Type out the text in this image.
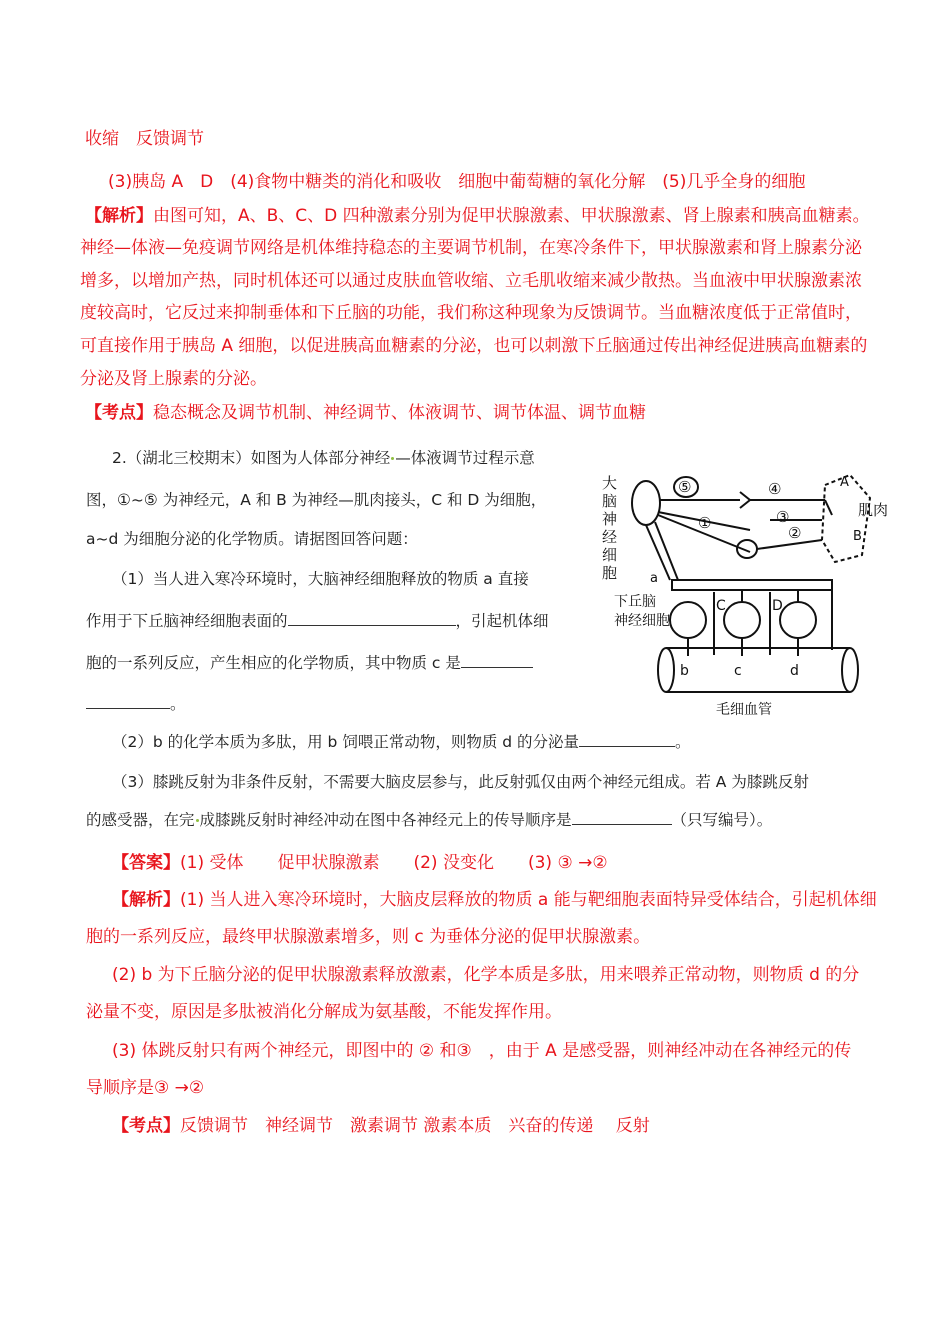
收缩　反馈调节
(3)胰岛 A　D　(4)食物中糖类的消化和吸收　细胞中葡萄糖的氧化分解　(5)几乎全身的细胞
【解析】由图可知，A、B、C、D 四种激素分别为促甲状腺激素、甲状腺激素、肾上腺素和胰高血糖素。
神经—体液—免疫调节网络是机体维持稳态的主要调节机制，在寒冷条件下，甲状腺激素和肾上腺素分泌
增多，以增加产热，同时机体还可以通过皮肤血管收缩、立毛肌收缩来减少散热。当血液中甲状腺激素浓
度较高时，它反过来抑制垂体和下丘脑的功能，我们称这种现象为反馈调节。当血糖浓度低于正常值时，
可直接作用于胰岛 A 细胞，以促进胰高血糖素的分泌，也可以刺激下丘脑通过传出神经促进胰高血糖素的
分泌及肾上腺素的分泌。
【考点】稳态概念及调节机制、神经调节、体液调节、调节体温、调节血糖
2.（湖北三校期末）如图为人体部分神经 —体液调节过程示意
图，①~⑤ 为神经元，A 和 B 为神经—肌肉接头，C 和 D 为细胞，
a~d 为细胞分泌的化学物质。请据图回答问题：
（1）当人进入寒冷环境时，大脑神经细胞释放的物质 a 直接
作用于下丘脑神经细胞表面的	，引起机体细
胞的一系列反应，产生相应的化学物质，其中物质 c 是
。
（2）b 的化学本质为多肽，用 b 饲喂正常动物，则物质 d 的分泌量	。
（3）膝跳反射为非条件反射，不需要大脑皮层参与，此反射弧仅由两个神经元组成。若 A 为膝跳反射
的感受器，在完 成膝跳反射时神经冲动在图中各神经元上的传导顺序是	（只写编号）。
【答案】(1) 受体　　促甲状腺激素　　(2) 没变化　　(3) ③ →②
【解析】(1) 当人进入寒冷环境时，大脑皮层释放的物质 a 能与靶细胞表面特异受体结合，引起机体细
胞的一系列反应，最终甲状腺激素增多，则 c 为垂体分泌的促甲状腺激素。
(2) b 为下丘脑分泌的促甲状腺激素释放激素，化学本质是多肽，用来喂养正常动物，则物质 d 的分
泌量不变，原因是多肽被消化分解成为氨基酸，不能发挥作用。
(3) 体跳反射只有两个神经元，即图中的 ② 和③　，由于 A 是感受器，则神经冲动在各神经元的传
导顺序是③ →②
【考点】反馈调节　神经调节　激素调节 激素本质　兴奋的传递　 反射
大
脑
神
经
细
胞
肌肉
下丘脑
神经细胞
毛细血管
⑤	④
①	③
②
A
B
C	D
a
b	c	d
